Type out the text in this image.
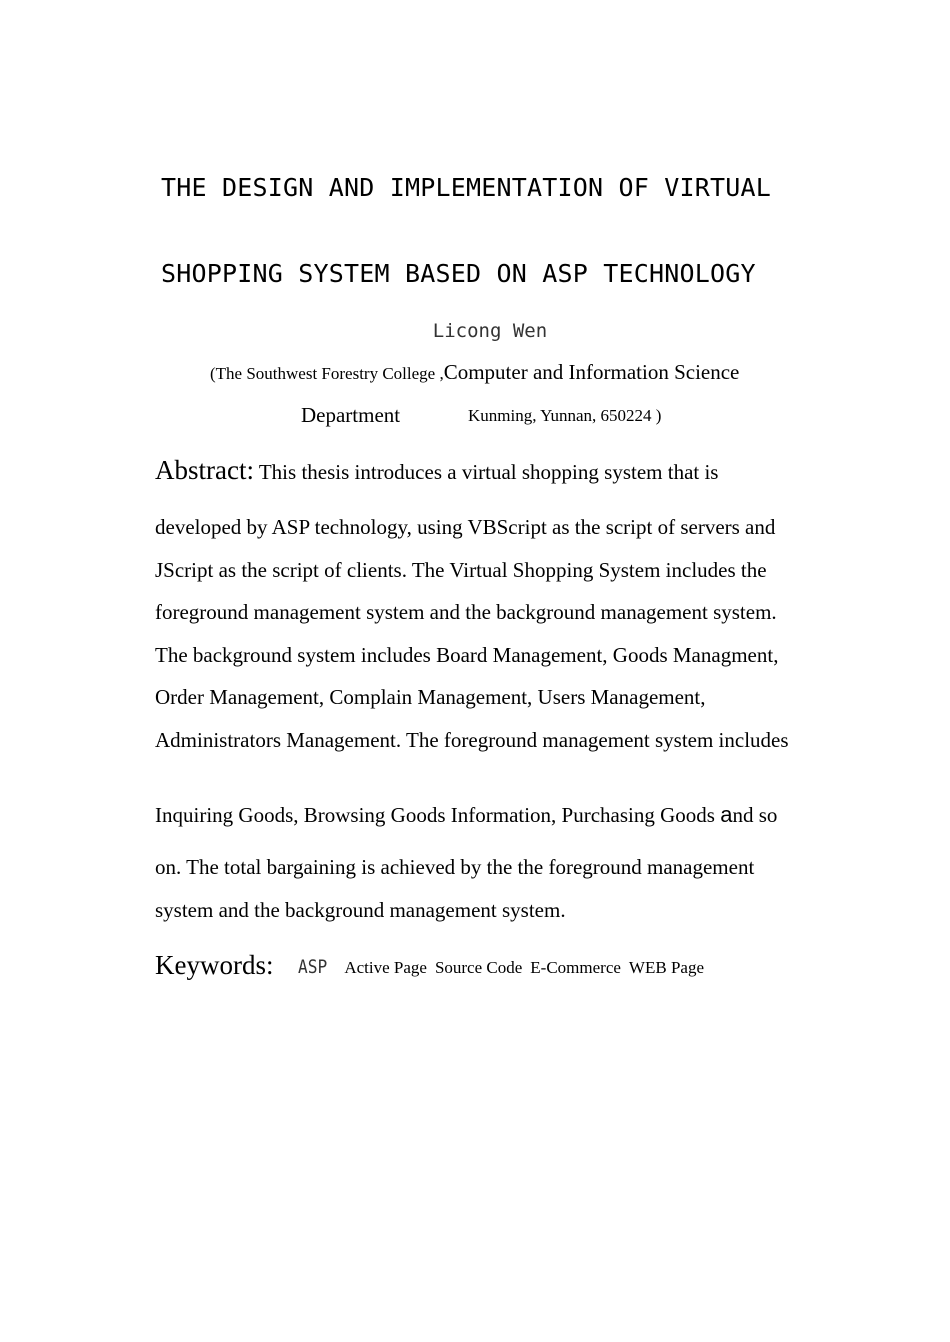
THE DESIGN AND IMPLEMENTATION OF VIRTUAL
SHOPPING SYSTEM BASED ON ASP TECHNOLOGY
Licong Wen
(The Southwest Forestry College ,Computer and Information Science
Department	Kunming, Yunnan, 650224 )
Abstract: This thesis introduces a virtual shopping system that is
developed by ASP technology, using VBScript as the script of servers and
JScript as the script of clients. The Virtual Shopping System includes the
foreground management system and the background management system.
The background system includes Board Management, Goods Managment,
Order Management, Complain Management, Users Management,
Administrators Management. The foreground management system includes
Inquiring Goods, Browsing Goods Information, Purchasing Goods and so
on. The total bargaining is achieved by the the foreground management
system and the background management system.
Keywords: ASP Active Page Source Code E-Commerce WEB Page
